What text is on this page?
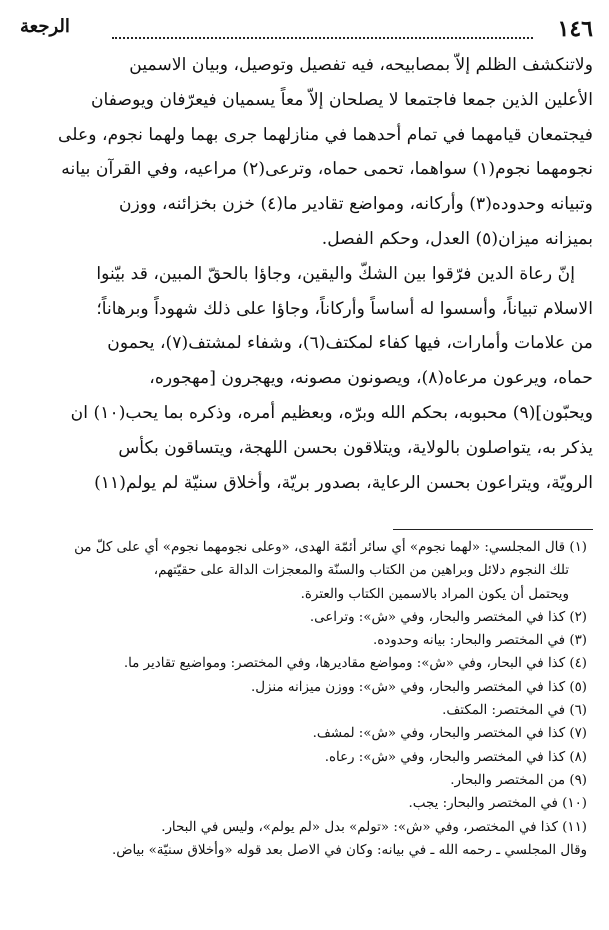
١٤٦
الرجعة

ولاتنكشف الظلم إلاّ بمصابيحه، فيه تفصيل وتوصيل، وبيان الاسمين

الأعلين الذين جمعا فاجتمعا لا يصلحان إلاّ معاً يسميان فيعرّفان ويوصفان

فيجتمعان قيامهما في تمام أحدهما في منازلهما جرى بهما ولهما نجوم، وعلى

نجومهما نجوم(١) سواهما، تحمى حماه، وترعى(٢) مراعيه، وفي القرآن بيانه

وتبيانه وحدوده(٣) وأركانه، ومواضع تقادير ما(٤) خزن بخزائنه، ووزن

بميزانه ميزان(٥) العدل، وحكم الفصل.

إنّ رعاة الدين فرّقوا بين الشكّ واليقين، وجاؤا بالحقّ المبين، قد بيّنوا

الاسلام تبياناً، وأسسوا له أساساً وأركاناً، وجاؤا على ذلك شهوداً وبرهاناً؛

من علامات وأمارات، فيها كفاء لمكتف(٦)، وشفاء لمشتف(٧)، يحمون

حماه، ويرعون مرعاه(٨)، ويصونون مصونه، ويهجرون [مهجوره،

ويحبّون](٩) محبوبه، بحكم الله وبرّه، وبعظيم أمره، وذكره بما يحب(١٠) ان

يذكر به، يتواصلون بالولاية، ويتلاقون بحسن اللهجة، ويتساقون بكأس

الرويّة، ويتراعون بحسن الرعاية، بصدور بريّة، وأخلاق سنيّة لم يولم(١١)

(١) قال المجلسي: «لهما نجوم» أي سائر أئمّة الهدى، «وعلى نجومهما نجوم» أي على كلّ من

تلك النجوم دلائل وبراهين من الكتاب والسنّة والمعجزات الدالة على حقيّتهم،

ويحتمل أن يكون المراد بالاسمين الكتاب والعترة.

(٢) كذا في المختصر والبحار، وفي «ش»: وتراعى.

(٣) في المختصر والبحار: بيانه وحدوده.

(٤) كذا في البحار، وفي «ش»: ومواضع مقاديرها، وفي المختصر: ومواضيع تقادير ما.

(٥) كذا في المختصر والبحار، وفي «ش»: ووزن ميزانه منزل.

(٦) في المختصر: المكتف.

(٧) كذا في المختصر والبحار، وفي «ش»: لمشف.

(٨) كذا في المختصر والبحار، وفي «ش»: رعاه.

(٩) من المختصر والبحار.

(١٠) في المختصر والبحار: يجب.

(١١) كذا في المختصر، وفي «ش»: «تولم» بدل «لم يولم»، وليس في البحار.

وقال المجلسي ـ رحمه الله ـ في بيانه: وكان في الاصل بعد قوله «وأخلاق سنيّة» بياض.
